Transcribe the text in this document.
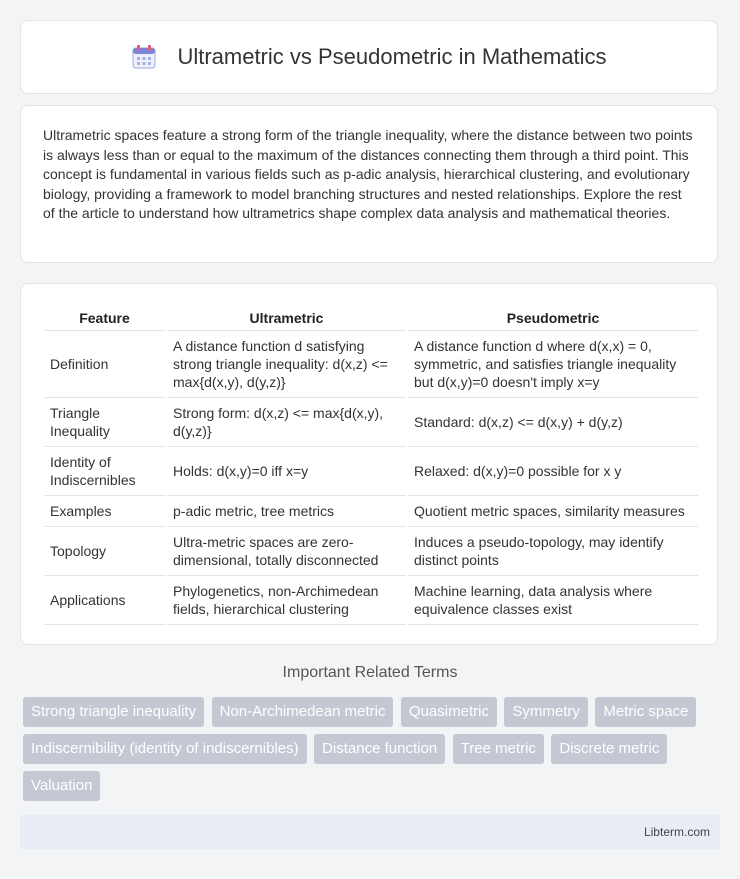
Ultrametric vs Pseudometric in Mathematics

Ultrametric spaces feature a strong form of the triangle inequality, where the distance between two points is always less than or equal to the maximum of the distances connecting them through a third point. This concept is fundamental in various fields such as p-adic analysis, hierarchical clustering, and evolutionary biology, providing a framework to model branching structures and nested relationships. Explore the rest of the article to understand how ultrametrics shape complex data analysis and mathematical theories.

Feature	Ultrametric	Pseudometric
Definition	A distance function d satisfying strong triangle inequality: d(x,z) <= max{d(x,y), d(y,z)}	A distance function d where d(x,x) = 0, symmetric, and satisfies triangle inequality but d(x,y)=0 doesn't imply x=y
Triangle Inequality	Strong form: d(x,z) <= max{d(x,y), d(y,z)}	Standard: d(x,z) <= d(x,y) + d(y,z)
Identity of Indiscernibles	Holds: d(x,y)=0 iff x=y	Relaxed: d(x,y)=0 possible for x y
Examples	p-adic metric, tree metrics	Quotient metric spaces, similarity measures
Topology	Ultra-metric spaces are zero-dimensional, totally disconnected	Induces a pseudo-topology, may identify distinct points
Applications	Phylogenetics, non-Archimedean fields, hierarchical clustering	Machine learning, data analysis where equivalence classes exist
Important Related Terms
Strong triangle inequality Non-Archimedean metric Quasimetric Symmetry Metric space Indiscernibility (identity of indiscernibles) Distance function Tree metric Discrete metric Valuation
Libterm.com
